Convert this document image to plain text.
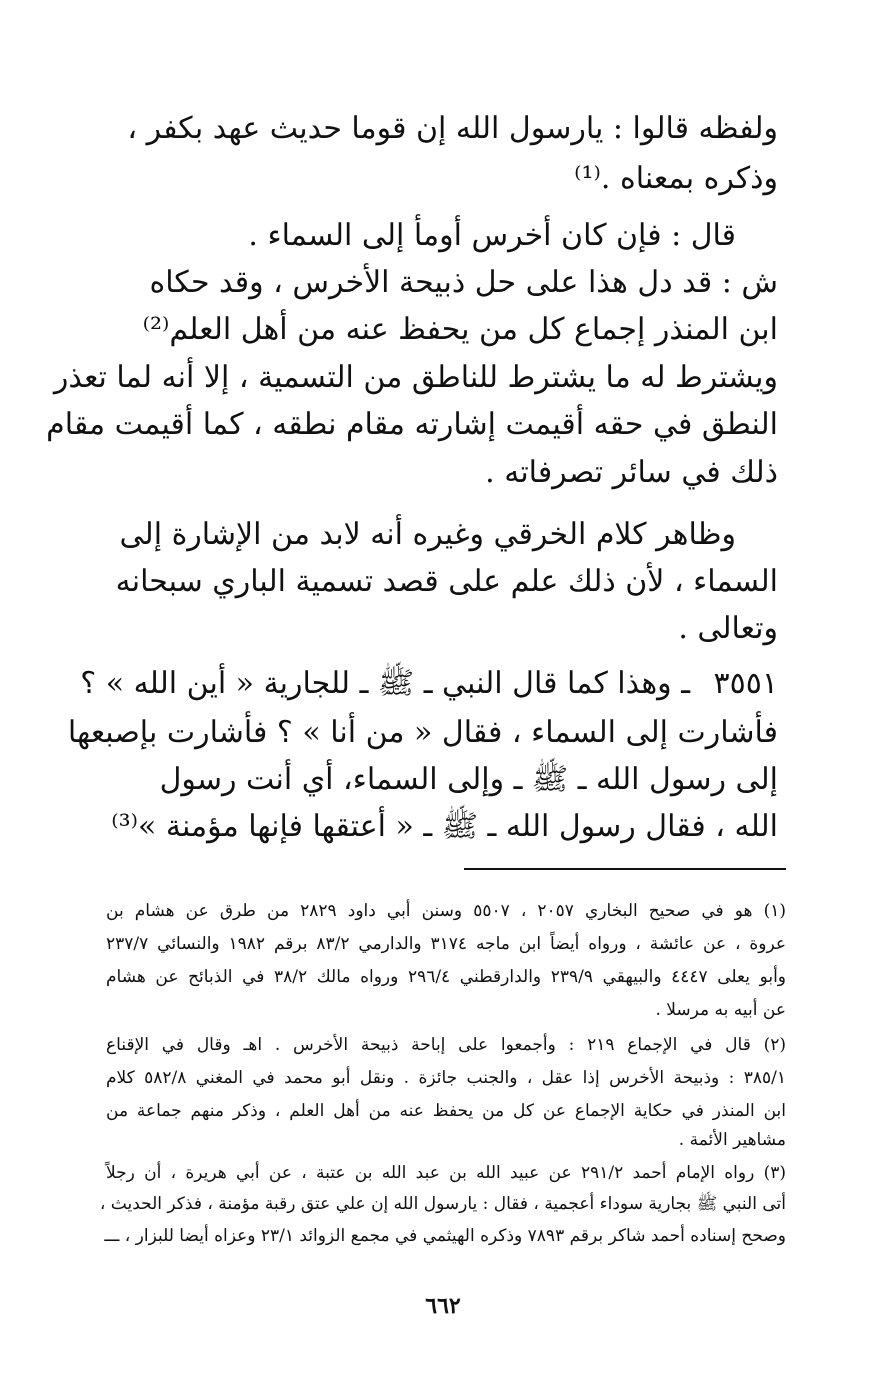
ولفظه قالوا : يارسول الله إن قوما حديث عهد بكفر ،
وذكره بمعناه .⁽¹⁾
قال : فإن كان أخرس أومأ إلى السماء .
ش : قد دل هذا على حل ذبيحة الأخرس ، وقد حكاه
ابن المنذر إجماع كل من يحفظ عنه من أهل العلم⁽²⁾
ويشترط له ما يشترط للناطق من التسمية ، إلا أنه لما تعذر
النطق في حقه أقيمت إشارته مقام نطقه ، كما أقيمت مقام
ذلك في سائر تصرفاته .
وظاهر كلام الخرقي وغيره أنه لابد من الإشارة إلى
السماء ، لأن ذلك علم على قصد تسمية الباري سبحانه
وتعالى .
٣٥٥١
ـ وهذا كما قال النبي ـ ﷺ ـ للجارية « أين الله » ؟
فأشارت إلى السماء ، فقال « من أنا » ؟ فأشارت بإصبعها
إلى رسول الله ـ ﷺ ـ وإلى السماء، أي أنت رسول
الله ، فقال رسول الله ـ ﷺ ـ « أعتقها فإنها مؤمنة »⁽³⁾
(١) هو في صحيح البخاري ٢٠٥٧ ، ٥٥٠٧ وسنن أبي داود ٢٨٢٩ من طرق عن هشام بن
عروة ، عن عائشة ، ورواه أيضاً ابن ماجه ٣١٧٤ والدارمي ٨٣/٢ برقم ١٩٨٢ والنسائي ٢٣٧/٧
وأبو يعلى ٤٤٤٧ والبيهقي ٢٣٩/٩ والدارقطني ٢٩٦/٤ ورواه مالك ٣٨/٢ في الذبائح عن هشام
عن أبيه به مرسلا .
(٢) قال في الإجماع ٢١٩ : وأجمعوا على إباحة ذبيحة الأخرس . اهـ وقال في الإقناع
٣٨٥/١ : وذبيحة الأخرس إذا عقل ، والجنب جائزة . ونقل أبو محمد في المغني ٥٨٢/٨ كلام
ابن المنذر في حكاية الإجماع عن كل من يحفظ عنه من أهل العلم ، وذكر منهم جماعة من
مشاهير الأئمة .
(٣) رواه الإمام أحمد ٢٩١/٢ عن عبيد الله بن عبد الله بن عتبة ، عن أبي هريرة ، أن رجلاً
أتى النبي ﷺ بجارية سوداء أعجمية ، فقال : يارسول الله إن علي عتق رقبة مؤمنة ، فذكر الحديث ،
وصحح إسناده أحمد شاكر برقم ٧٨٩٣ وذكره الهيثمي في مجمع الزوائد ٢٣/١ وعزاه أيضا للبزار ، ـــ
٦٦٢
